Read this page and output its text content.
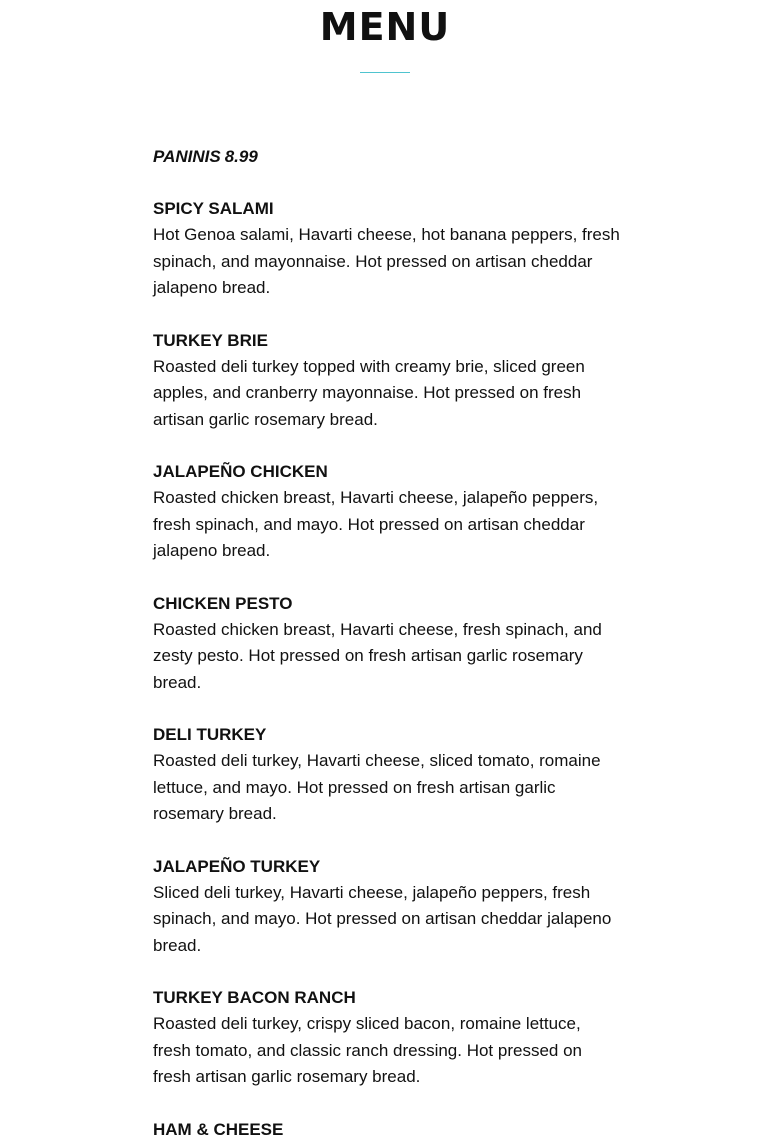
MENU
PANINIS 8.99
SPICY SALAMI

Hot Genoa salami, Havarti cheese, hot banana peppers, fresh spinach, and mayonnaise. Hot pressed on artisan cheddar jalapeno bread.

TURKEY BRIE

Roasted deli turkey topped with creamy brie, sliced green apples, and cranberry mayonnaise. Hot pressed on fresh artisan garlic rosemary bread.

JALAPEÑO CHICKEN

Roasted chicken breast, Havarti cheese, jalapeño peppers, fresh spinach, and mayo. Hot pressed on artisan cheddar jalapeno bread.

CHICKEN PESTO

Roasted chicken breast, Havarti cheese, fresh spinach, and zesty pesto. Hot pressed on fresh artisan garlic rosemary bread.

DELI TURKEY

Roasted deli turkey, Havarti cheese, sliced tomato, romaine lettuce, and mayo. Hot pressed on fresh artisan garlic rosemary bread.

JALAPEÑO TURKEY

Sliced deli turkey, Havarti cheese, jalapeño peppers, fresh spinach, and mayo. Hot pressed on artisan cheddar jalapeno bread.

TURKEY BACON RANCH

Roasted deli turkey, crispy sliced bacon, romaine lettuce, fresh tomato, and classic ranch dressing. Hot pressed on fresh artisan garlic rosemary bread.

HAM & CHEESE
